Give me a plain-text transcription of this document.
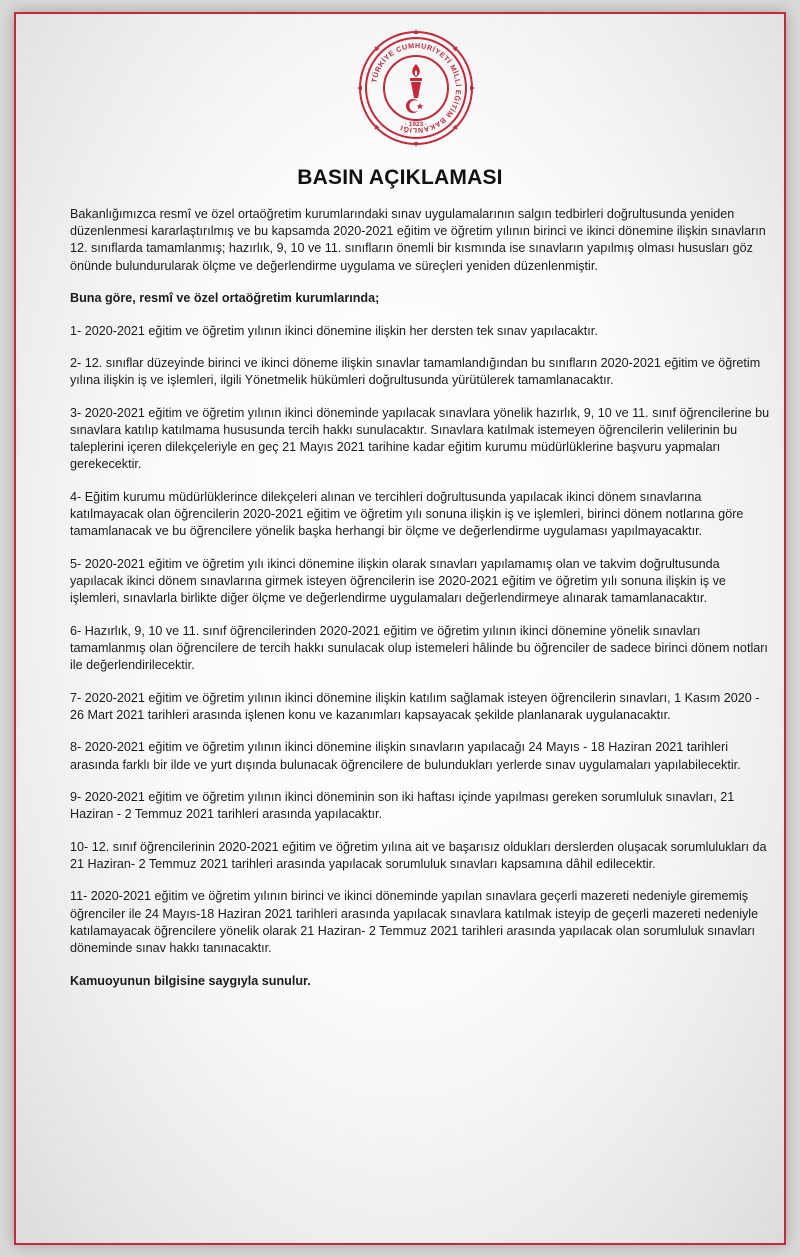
TÜRKİYE CUMHURİYETİ MİLLİ EĞİTİM BAKANLIĞI · 1923 ·
BASIN AÇIKLAMASI

Bakanlığımızca resmî ve özel ortaöğretim kurumlarındaki sınav uygulamalarının salgın tedbirleri doğrultusunda yeniden düzenlenmesi kararlaştırılmış ve bu kapsamda 2020-2021 eğitim ve öğretim yılının birinci ve ikinci dönemine ilişkin sınavların 12. sınıflarda tamamlanmış; hazırlık, 9, 10 ve 11. sınıfların önemli bir kısmında ise sınavların yapılmış olması hususları göz önünde bulundurularak ölçme ve değerlendirme uygulama ve süreçleri yeniden düzenlenmiştir.

Buna göre, resmî ve özel ortaöğretim kurumlarında;

1- 2020-2021 eğitim ve öğretim yılının ikinci dönemine ilişkin her dersten tek sınav yapılacaktır.

2- 12. sınıflar düzeyinde birinci ve ikinci döneme ilişkin sınavlar tamamlandığından bu sınıfların 2020-2021 eğitim ve öğretim yılına ilişkin iş ve işlemleri, ilgili Yönetmelik hükümleri doğrultusunda yürütülerek tamamlanacaktır.

3- 2020-2021 eğitim ve öğretim yılının ikinci döneminde yapılacak sınavlara yönelik hazırlık, 9, 10 ve 11. sınıf öğrencilerine bu sınavlara katılıp katılmama hususunda tercih hakkı sunulacaktır. Sınavlara katılmak istemeyen öğrencilerin velilerinin bu taleplerini içeren dilekçeleriyle en geç 21 Mayıs 2021 tarihine kadar eğitim kurumu müdürlüklerine başvuru yapmaları gerekecektir.

4- Eğitim kurumu müdürlüklerince dilekçeleri alınan ve tercihleri doğrultusunda yapılacak ikinci dönem sınavlarına katılmayacak olan öğrencilerin 2020-2021 eğitim ve öğretim yılı sonuna ilişkin iş ve işlemleri, birinci dönem notlarına göre tamamlanacak ve bu öğrencilere yönelik başka herhangi bir ölçme ve değerlendirme uygulaması yapılmayacaktır.

5- 2020-2021 eğitim ve öğretim yılı ikinci dönemine ilişkin olarak sınavları yapılamamış olan ve takvim doğrultusunda yapılacak ikinci dönem sınavlarına girmek isteyen öğrencilerin ise 2020-2021 eğitim ve öğretim yılı sonuna ilişkin iş ve işlemleri, sınavlarla birlikte diğer ölçme ve değerlendirme uygulamaları değerlendirmeye alınarak tamamlanacaktır.

6- Hazırlık, 9, 10 ve 11. sınıf öğrencilerinden 2020-2021 eğitim ve öğretim yılının ikinci dönemine yönelik sınavları tamamlanmış olan öğrencilere de tercih hakkı sunulacak olup istemeleri hâlinde bu öğrenciler de sadece birinci dönem notları ile değerlendirilecektir.

7- 2020-2021 eğitim ve öğretim yılının ikinci dönemine ilişkin katılım sağlamak isteyen öğrencilerin sınavları, 1 Kasım 2020 - 26 Mart 2021 tarihleri arasında işlenen konu ve kazanımları kapsayacak şekilde planlanarak uygulanacaktır.

8- 2020-2021 eğitim ve öğretim yılının ikinci dönemine ilişkin sınavların yapılacağı 24 Mayıs - 18 Haziran 2021 tarihleri arasında farklı bir ilde ve yurt dışında bulunacak öğrencilere de bulundukları yerlerde sınav uygulamaları yapılabilecektir.

9- 2020-2021 eğitim ve öğretim yılının ikinci döneminin son iki haftası içinde yapılması gereken sorumluluk sınavları, 21 Haziran - 2 Temmuz 2021 tarihleri arasında yapılacaktır.

10- 12. sınıf öğrencilerinin 2020-2021 eğitim ve öğretim yılına ait ve başarısız oldukları derslerden oluşacak sorumlulukları da 21 Haziran- 2 Temmuz 2021 tarihleri arasında yapılacak sorumluluk sınavları kapsamına dâhil edilecektir.

11- 2020-2021 eğitim ve öğretim yılının birinci ve ikinci döneminde yapılan sınavlara geçerli mazereti nedeniyle girememiş öğrenciler ile 24 Mayıs-18 Haziran 2021 tarihleri arasında yapılacak sınavlara katılmak isteyip de geçerli mazereti nedeniyle katılamayacak öğrencilere yönelik olarak 21 Haziran- 2 Temmuz 2021 tarihleri arasında yapılacak olan sorumluluk sınavları döneminde sınav hakkı tanınacaktır.

Kamuoyunun bilgisine saygıyla sunulur.
